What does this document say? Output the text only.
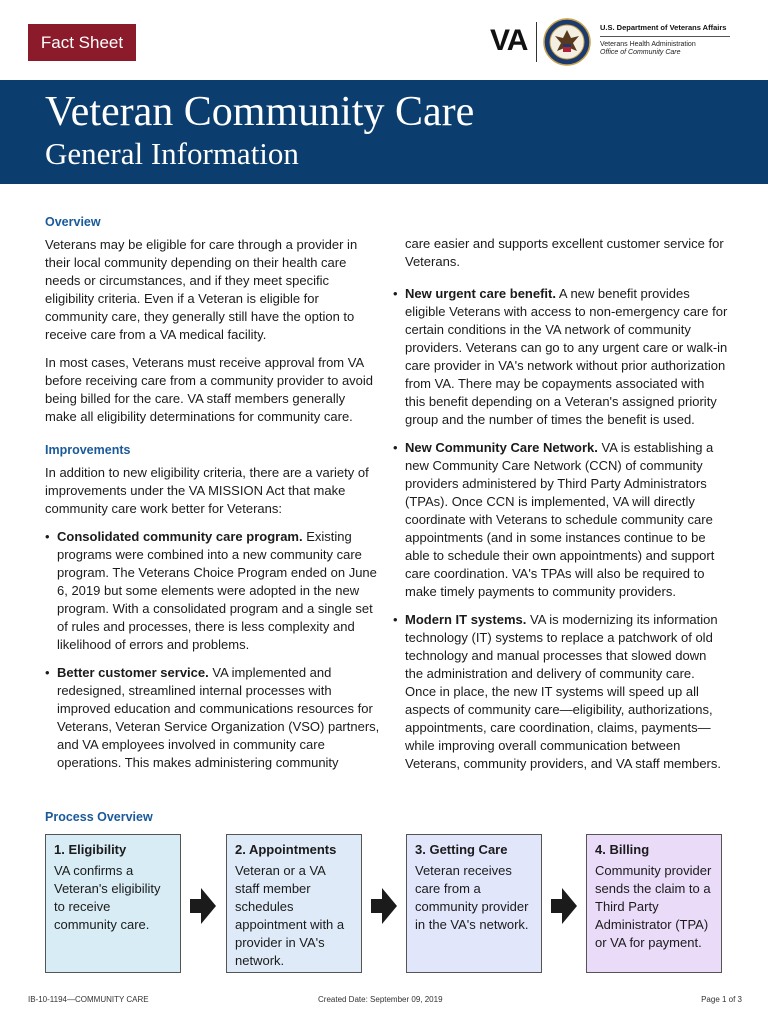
Fact Sheet	VA	U.S. Department of Veterans Affairs
Veterans Health Administration
Office of Community Care
Veteran Community Care
General Information
Overview

Veterans may be eligible for care through a provider in their local community depending on their health care needs or circumstances, and if they meet specific eligibility criteria. Even if a Veteran is eligible for community care, they generally still have the option to receive care from a VA medical facility.

In most cases, Veterans must receive approval from VA before receiving care from a community provider to avoid being billed for the care. VA staff members generally make all eligibility determinations for community care.

Improvements

In addition to new eligibility criteria, there are a variety of improvements under the VA MISSION Act that make community care work better for Veterans:

• Consolidated community care program. Existing programs were combined into a new community care program. The Veterans Choice Program ended on June 6, 2019 but some elements were adopted in the new program. With a consolidated program and a single set of rules and processes, there is less complexity and likelihood of errors and problems.
• Better customer service. VA implemented and redesigned, streamlined internal processes with improved education and communications resources for Veterans, Veteran Service Organization (VSO) partners, and VA employees involved in community care operations. This makes administering community

care easier and supports excellent customer service for Veterans.

• New urgent care benefit. A new benefit provides eligible Veterans with access to non-emergency care for certain conditions in the VA network of community providers. Veterans can go to any urgent care or walk-in care provider in VA's network without prior authorization from VA. There may be copayments associated with this benefit depending on a Veteran's assigned priority group and the number of times the benefit is used.
• New Community Care Network. VA is establishing a new Community Care Network (CCN) of community providers administered by Third Party Administrators (TPAs). Once CCN is implemented, VA will directly coordinate with Veterans to schedule community care appointments (and in some instances continue to be able to schedule their own appointments) and support care coordination. VA's TPAs will also be required to make timely payments to community providers.
• Modern IT systems. VA is modernizing its information technology (IT) systems to replace a patchwork of old technology and manual processes that slowed down the administration and delivery of community care. Once in place, the new IT systems will speed up all aspects of community care—eligibility, authorizations, appointments, care coordination, claims, payments—while improving overall communication between Veterans, community providers, and VA staff members.
Process Overview
1. Eligibility
VA confirms a Veteran's eligibility to receive community care.
2. Appointments
Veteran or a VA staff member schedules appointment with a provider in VA's network.
3. Getting Care
Veteran receives care from a community provider in the VA's network.
4. Billing
Community provider sends the claim to a Third Party Administrator (TPA) or VA for payment.
IB-10-1194—COMMUNITY CARE	Created Date: September 09, 2019	Page 1 of 3
